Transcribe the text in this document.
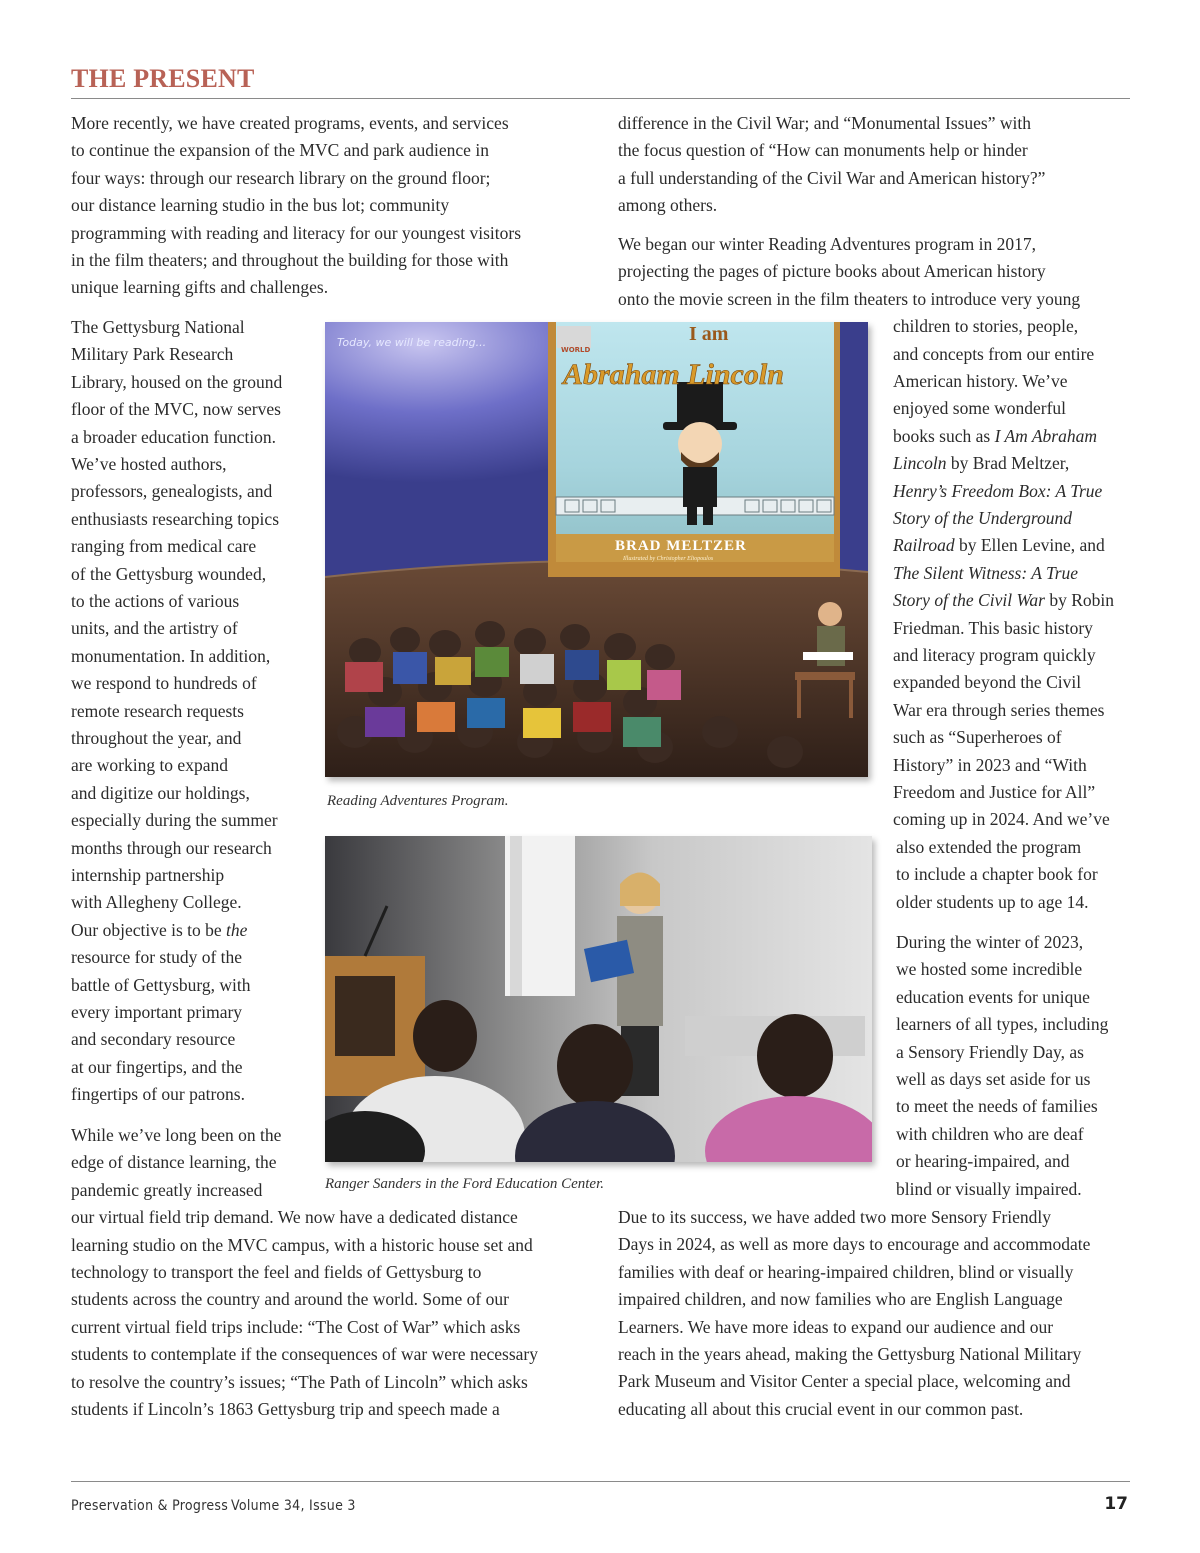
THE PRESENT
More recently, we have created programs, events, and services
to continue the expansion of the MVC and park audience in
four ways: through our research library on the ground floor;
our distance learning studio in the bus lot; community
programming with reading and literacy for our youngest visitors
in the film theaters; and throughout the building for those with
unique learning gifts and challenges.
The Gettysburg National
Military Park Research
Library, housed on the ground
floor of the MVC, now serves
a broader education function.
We’ve hosted authors,
professors, genealogists, and
enthusiasts researching topics
ranging from medical care
of the Gettysburg wounded,
to the actions of various
units, and the artistry of
monumentation. In addition,
we respond to hundreds of
remote research requests
throughout the year, and
are working to expand
and digitize our holdings,
especially during the summer
months through our research
internship partnership
with Allegheny College.
Our objective is to be the
resource for study of the
battle of Gettysburg, with
every important primary
and secondary resource
at our fingertips, and the
fingertips of our patrons.
While we’ve long been on the
edge of distance learning, the
pandemic greatly increased
our virtual field trip demand. We now have a dedicated distance
learning studio on the MVC campus, with a historic house set and
technology to transport the feel and fields of Gettysburg to
students across the country and around the world. Some of our
current virtual field trips include: “The Cost of War” which asks
students to contemplate if the consequences of war were necessary
to resolve the country’s issues; “The Path of Lincoln” which asks
students if Lincoln’s 1863 Gettysburg trip and speech made a
difference in the Civil War; and “Monumental Issues” with
the focus question of “How can monuments help or hinder
a full understanding of the Civil War and American history?”
among others.
We began our winter Reading Adventures program in 2017,
projecting the pages of picture books about American history
onto the movie screen in the film theaters to introduce very young
children to stories, people,
and concepts from our entire
American history. We’ve
enjoyed some wonderful
books such as I Am Abraham
Lincoln by Brad Meltzer,
Henry’s Freedom Box: A True
Story of the Underground
Railroad by Ellen Levine, and
The Silent Witness: A True
Story of the Civil War by Robin
Friedman. This basic history
and literacy program quickly
expanded beyond the Civil
War era through series themes
such as “Superheroes of
History” in 2023 and “With
Freedom and Justice for All”
coming up in 2024. And we’ve
also extended the program
to include a chapter book for
older students up to age 14.
During the winter of 2023,
we hosted some incredible
education events for unique
learners of all types, including
a Sensory Friendly Day, as
well as days set aside for us
to meet the needs of families
with children who are deaf
or hearing-impaired, and
blind or visually impaired.
Due to its success, we have added two more Sensory Friendly
Days in 2024, as well as more days to encourage and accommodate
families with deaf or hearing-impaired children, blind or visually
impaired children, and now families who are English Language
Learners. We have more ideas to expand our audience and our
reach in the years ahead, making the Gettysburg National Military
Park Museum and Visitor Center a special place, welcoming and
educating all about this crucial event in our common past.
Today, we will be reading...
WORLD
I am
Abraham Lincoln
BRAD MELTZER
Illustrated by Christopher Eliopoulos
Reading Adventures Program.
Ranger Sanders in the Ford Education Center.
Preservation & Progress Volume 34, Issue 3	17
